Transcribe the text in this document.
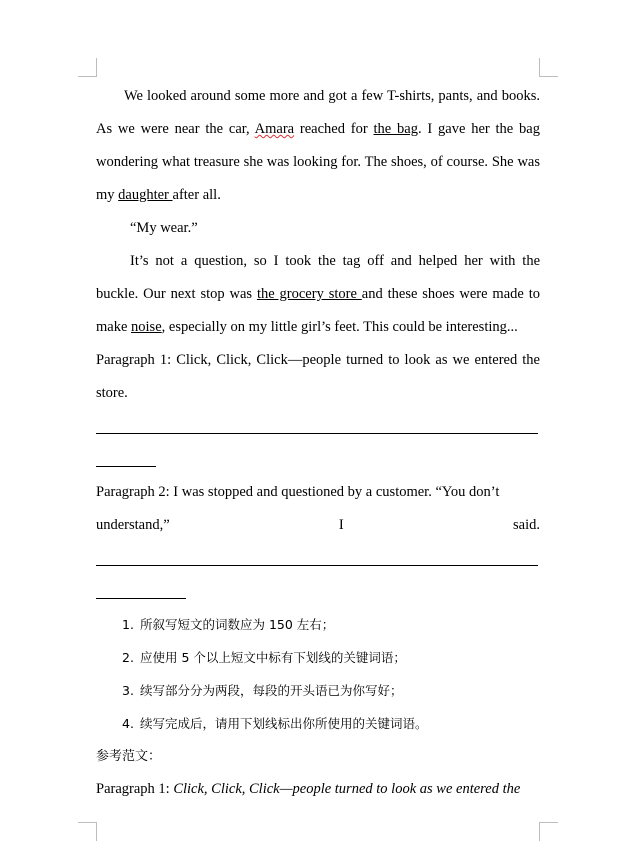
We looked around some more and got a few T-shirts, pants, and books. As we were near the car, Amara reached for the bag. I gave her the bag wondering what treasure she was looking for. The shoes, of course. She was my daughter after all.
“My wear.”
It’s not a question, so I took the tag off and helped her with the buckle. Our next stop was the grocery store and these shoes were made to make noise, especially on my little girl’s feet. This could be interesting...
Paragraph 1: Click, Click, Click—people turned to look as we entered the store.
Paragraph 2: I was stopped and questioned by a customer. “You don’t
understand,”	I	said.
1. 所叙写短文的词数应为 150 左右；
2. 应使用 5 个以上短文中标有下划线的关键词语；
3. 续写部分分为两段，每段的开头语已为你写好；
4. 续写完成后，请用下划线标出你所使用的关键词语。
参考范文：
Paragraph 1: Click, Click, Click—people turned to look as we entered the
